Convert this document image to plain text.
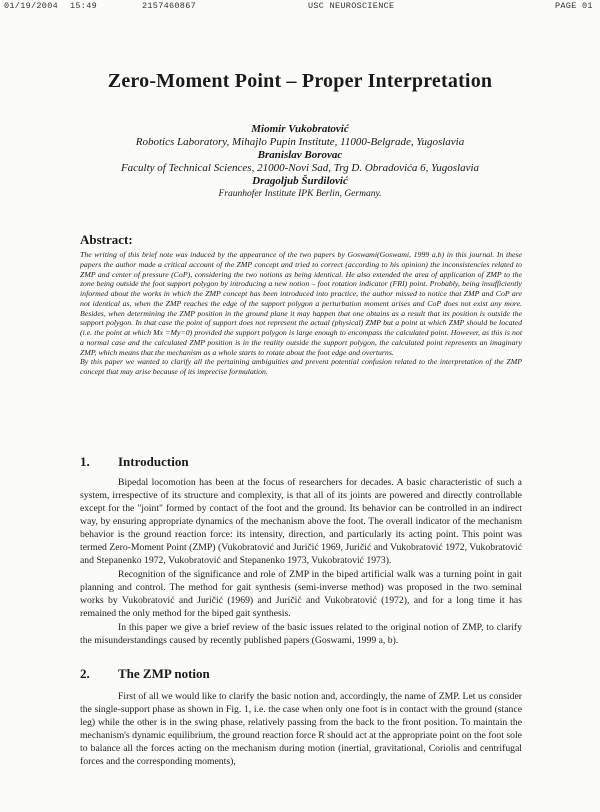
01/19/2004 15:49	2157460867	USC NEUROSCIENCE	PAGE 01
Zero-Moment Point – Proper Interpretation
Miomir Vukobratović
Robotics Laboratory, Mihajlo Pupin Institute, 11000-Belgrade, Yugoslavia
Branislav Borovac
Faculty of Technical Sciences, 21000-Novi Sad, Trg D. Obradovića 6, Yugoslavia
Dragoljub Šurdilović
Fraunhofer Institute IPK Berlin, Germany.
Abstract:

The writing of this brief note was induced by the appearance of the two papers by Goswami(Goswami, 1999 a,b) in this journal. In these papers the author made a critical account of the ZMP concept and tried to correct (according to his opinion) the inconsistencies related to ZMP and center of pressure (CoP), considering the two notions as being identical. He also extended the area of application of ZMP to the zone being outside the foot support polygon by introducing a new notion – foot rotation indicator (FRI) point. Probably, being insufficiently informed about the works in which the ZMP concept has been introduced into practice, the author missed to notice that ZMP and CoP are not identical as, when the ZMP reaches the edge of the support polygon a perturbation moment arises and CoP does not exist any more. Besides, when determining the ZMP position in the ground plane it may happen that one obtains as a result that its position is outside the support polygon. In that case the point of support does not represent the actual (physical) ZMP but a point at which ZMP should be located (i.e. the point at which Mx =My=0) provided the support polygon is large enough to encompass the calculated point. However, as this is not a normal case and the calculated ZMP position is in the reality outside the support polygon, the calculated point represents an imaginary ZMP, which means that the mechanism as a whole starts to rotate about the foot edge and overturns.

By this paper we wanted to clarify all the pertaining ambiguities and prevent potential confusion related to the interpretation of the ZMP concept that may arise because of its imprecise formulation.

1. Introduction

Bipedal locomotion has been at the focus of researchers for decades. A basic characteristic of such a system, irrespective of its structure and complexity, is that all of its joints are powered and directly controllable except for the "joint" formed by contact of the foot and the ground. Its behavior can be controlled in an indirect way, by ensuring appropriate dynamics of the mechanism above the foot. The overall indicator of the mechanism behavior is the ground reaction force: its intensity, direction, and particularly its acting point. This point was termed Zero-Moment Point (ZMP) (Vukobratović and Juričić 1969, Juričić and Vukobratović 1972, Vukobratović and Stepanenko 1972, Vukobratović and Stepanenko 1973, Vukobratović 1973).

Recognition of the significance and role of ZMP in the biped artificial walk was a turning point in gait planning and control. The method for gait synthesis (semi-inverse method) was proposed in the two seminal works by Vukobratović and Juričić (1969) and Juričić and Vukobratović (1972), and for a long time it has remained the only method for the biped gait synthesis.

In this paper we give a brief review of the basic issues related to the original notion of ZMP, to clarify the misunderstandings caused by recently published papers (Goswami, 1999 a, b).

2. The ZMP notion

First of all we would like to clarify the basic notion and, accordingly, the name of ZMP. Let us consider the single-support phase as shown in Fig. 1, i.e. the case when only one foot is in contact with the ground (stance leg) while the other is in the swing phase, relatively passing from the back to the front position. To maintain the mechanism's dynamic equilibrium, the ground reaction force R should act at the appropriate point on the foot sole to balance all the forces acting on the mechanism during motion (inertial, gravitational, Coriolis and centrifugal forces and the corresponding moments),
